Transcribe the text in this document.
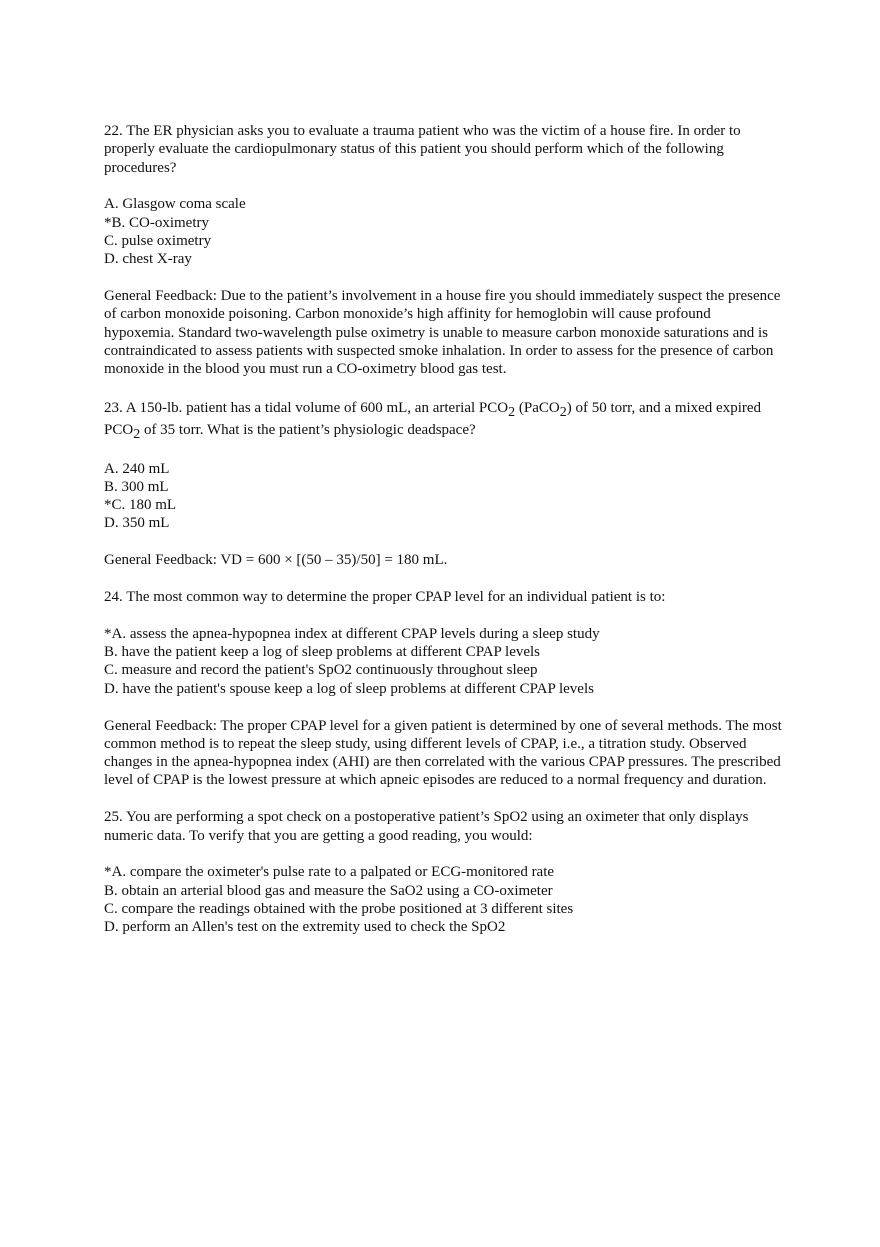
22. The ER physician asks you to evaluate a trauma patient who was the victim of a house fire. In order to properly evaluate the cardiopulmonary status of this patient you should perform which of the following procedures?

A. Glasgow coma scale

*B. CO-oximetry

C. pulse oximetry

D. chest X-ray

General Feedback: Due to the patient’s involvement in a house fire you should immediately suspect the presence of carbon monoxide poisoning. Carbon monoxide’s high affinity for hemoglobin will cause profound hypoxemia. Standard two-wavelength pulse oximetry is unable to measure carbon monoxide saturations and is contraindicated to assess patients with suspected smoke inhalation. In order to assess for the presence of carbon monoxide in the blood you must run a CO-oximetry blood gas test.

23. A 150-lb. patient has a tidal volume of 600 mL, an arterial $PCO_2$ (PaCO$_2$) of 50 torr, and a mixed expired $PCO_2$ of 35 torr. What is the patient’s physiologic deadspace?

A. 240 mL

B. 300 mL

*C. 180 mL

D. 350 mL

General Feedback: VD = 600 × [(50 – 35)/50] = 180 mL.

24. The most common way to determine the proper CPAP level for an individual patient is to:

*A. assess the apnea-hypopnea index at different CPAP levels during a sleep study

B. have the patient keep a log of sleep problems at different CPAP levels

C. measure and record the patient's SpO2 continuously throughout sleep

D. have the patient's spouse keep a log of sleep problems at different CPAP levels

General Feedback: The proper CPAP level for a given patient is determined by one of several methods. The most common method is to repeat the sleep study, using different levels of CPAP, i.e., a titration study. Observed changes in the apnea-hypopnea index (AHI) are then correlated with the various CPAP pressures. The prescribed level of CPAP is the lowest pressure at which apneic episodes are reduced to a normal frequency and duration.

25. You are performing a spot check on a postoperative patient’s SpO2 using an oximeter that only displays numeric data. To verify that you are getting a good reading, you would:

*A. compare the oximeter's pulse rate to a palpated or ECG-monitored rate

B. obtain an arterial blood gas and measure the SaO2 using a CO-oximeter

C. compare the readings obtained with the probe positioned at 3 different sites

D. perform an Allen's test on the extremity used to check the SpO2
